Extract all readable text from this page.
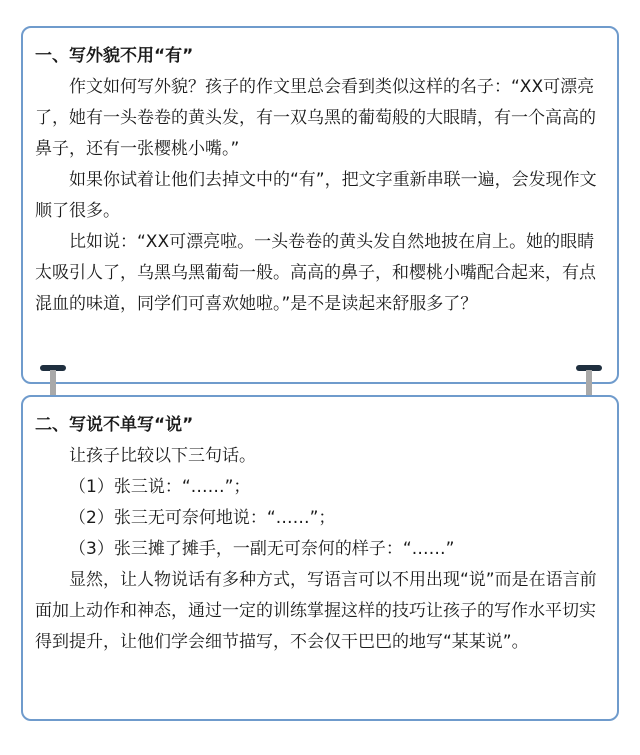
一、写外貌不用“有”

作文如何写外貌？孩子的作文里总会看到类似这样的名子：“XX可漂亮了，她有一头卷卷的黄头发，有一双乌黑的葡萄般的大眼睛，有一个高高的鼻子，还有一张樱桃小嘴。”

如果你试着让他们去掉文中的“有”，把文字重新串联一遍，会发现作文顺了很多。

比如说：“XX可漂亮啦。一头卷卷的黄头发自然地披在肩上。她的眼睛太吸引人了，乌黑乌黑葡萄一般。高高的鼻子，和樱桃小嘴配合起来，有点混血的味道，同学们可喜欢她啦。”是不是读起来舒服多了？

二、写说不单写“说”

让孩子比较以下三句话。

（1）张三说：“……”；

（2）张三无可奈何地说：“……”；

（3）张三摊了摊手，一副无可奈何的样子：“……”

显然，让人物说话有多种方式，写语言可以不用出现“说”而是在语言前面加上动作和神态，通过一定的训练掌握这样的技巧让孩子的写作水平切实得到提升，让他们学会细节描写，不会仅干巴巴的地写“某某说”。
